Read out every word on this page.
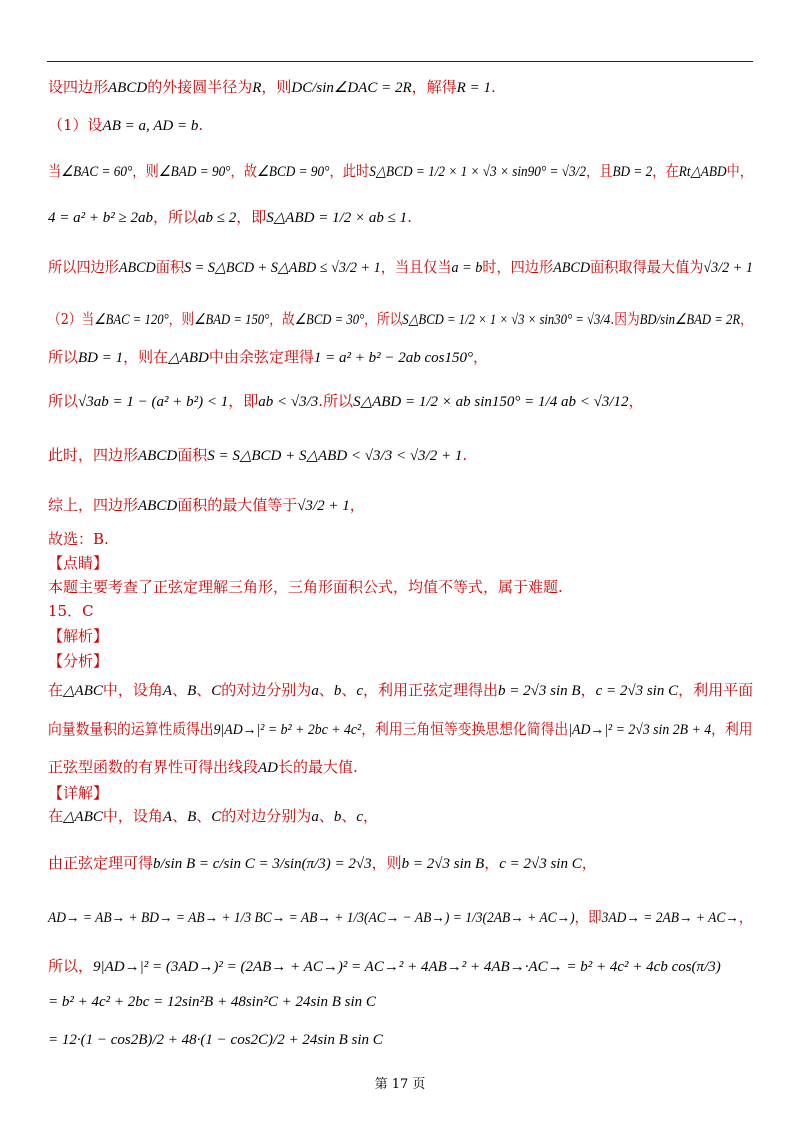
设四边形ABCD的外接圆半径为R，则DC/sin∠DAC = 2R，解得R = 1.
（1）设AB = a, AD = b.
当∠BAC = 60°，则∠BAD = 90°，故∠BCD = 90°，此时S△BCD = 1/2 × 1 × √3 × sin90° = √3/2，且BD = 2，在Rt△ABD中，
4 = a² + b² ≥ 2ab，所以ab ≤ 2，即S△ABD = 1/2 × ab ≤ 1.
所以四边形ABCD面积S = S△BCD + S△ABD ≤ √3/2 + 1，当且仅当a = b时，四边形ABCD面积取得最大值为√3/2 + 1
（2）当∠BAC = 120°，则∠BAD = 150°，故∠BCD = 30°，所以S△BCD = 1/2 × 1 × √3 × sin30° = √3/4.因为BD/sin∠BAD = 2R，
所以BD = 1，则在△ABD中由余弦定理得1 = a² + b² − 2ab cos150°，
所以√3ab = 1 − (a² + b²) < 1，即ab < √3/3.所以S△ABD = 1/2 × ab sin150° = 1/4 ab < √3/12，
此时，四边形ABCD面积S = S△BCD + S△ABD < √3/3 < √3/2 + 1.
综上，四边形ABCD面积的最大值等于√3/2 + 1，
故选：B.
【点睛】
本题主要考查了正弦定理解三角形，三角形面积公式，均值不等式，属于难题.
15．C
【解析】
【分析】
在△ABC中，设角A、B、C的对边分别为a、b、c，利用正弦定理得出b = 2√3 sin B，c = 2√3 sin C，利用平面
向量数量积的运算性质得出9|AD→|² = b² + 2bc + 4c²，利用三角恒等变换思想化简得出|AD→|² = 2√3 sin 2B + 4，利用
正弦型函数的有界性可得出线段AD长的最大值.
【详解】
在△ABC中，设角A、B、C的对边分别为a、b、c，
由正弦定理可得b/sin B = c/sin C = 3/sin(π/3) = 2√3，则b = 2√3 sin B，c = 2√3 sin C，
AD→ = AB→ + BD→ = AB→ + 1/3 BC→ = AB→ + 1/3(AC→ − AB→) = 1/3(2AB→ + AC→)，即3AD→ = 2AB→ + AC→，
所以，9|AD→|² = (3AD→)² = (2AB→ + AC→)² = AC→² + 4AB→² + 4AB→·AC→ = b² + 4c² + 4cb cos(π/3)
= b² + 4c² + 2bc = 12sin²B + 48sin²C + 24sin B sin C
= 12·(1 − cos2B)/2 + 48·(1 − cos2C)/2 + 24sin B sin C
第 17 页
